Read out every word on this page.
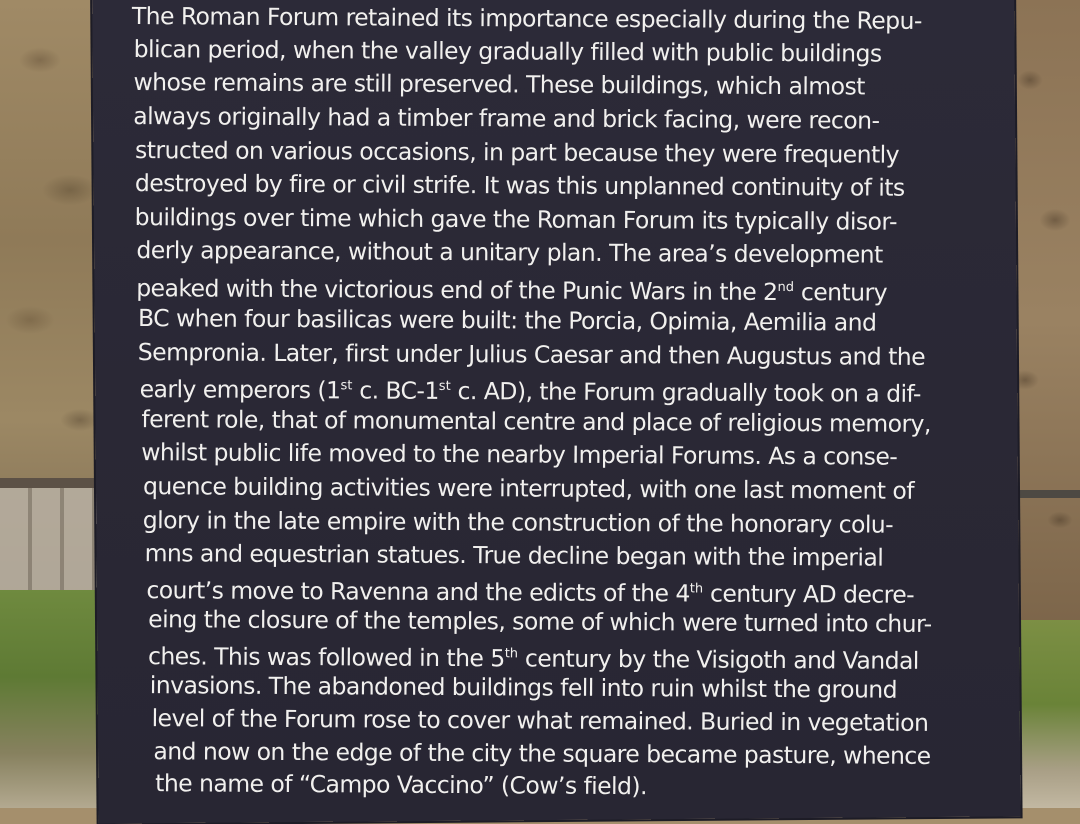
The Roman Forum retained its importance especially during the Repu-
blican period, when the valley gradually filled with public buildings
whose remains are still preserved. These buildings, which almost
always originally had a timber frame and brick facing, were recon-
structed on various occasions, in part because they were frequently
destroyed by fire or civil strife. It was this unplanned continuity of its
buildings over time which gave the Roman Forum its typically disor-
derly appearance, without a unitary plan. The area’s development
peaked with the victorious end of the Punic Wars in the 2nd century
BC when four basilicas were built: the Porcia, Opimia, Aemilia and
Sempronia. Later, first under Julius Caesar and then Augustus and the
early emperors (1st c. BC-1st c. AD), the Forum gradually took on a dif-
ferent role, that of monumental centre and place of religious memory,
whilst public life moved to the nearby Imperial Forums. As a conse-
quence building activities were interrupted, with one last moment of
glory in the late empire with the construction of the honorary colu-
mns and equestrian statues. True decline began with the imperial
court’s move to Ravenna and the edicts of the 4th century AD decre-
eing the closure of the temples, some of which were turned into chur-
ches. This was followed in the 5th century by the Visigoth and Vandal
invasions. The abandoned buildings fell into ruin whilst the ground
level of the Forum rose to cover what remained. Buried in vegetation
and now on the edge of the city the square became pasture, whence
the name of “Campo Vaccino” (Cow’s field).
